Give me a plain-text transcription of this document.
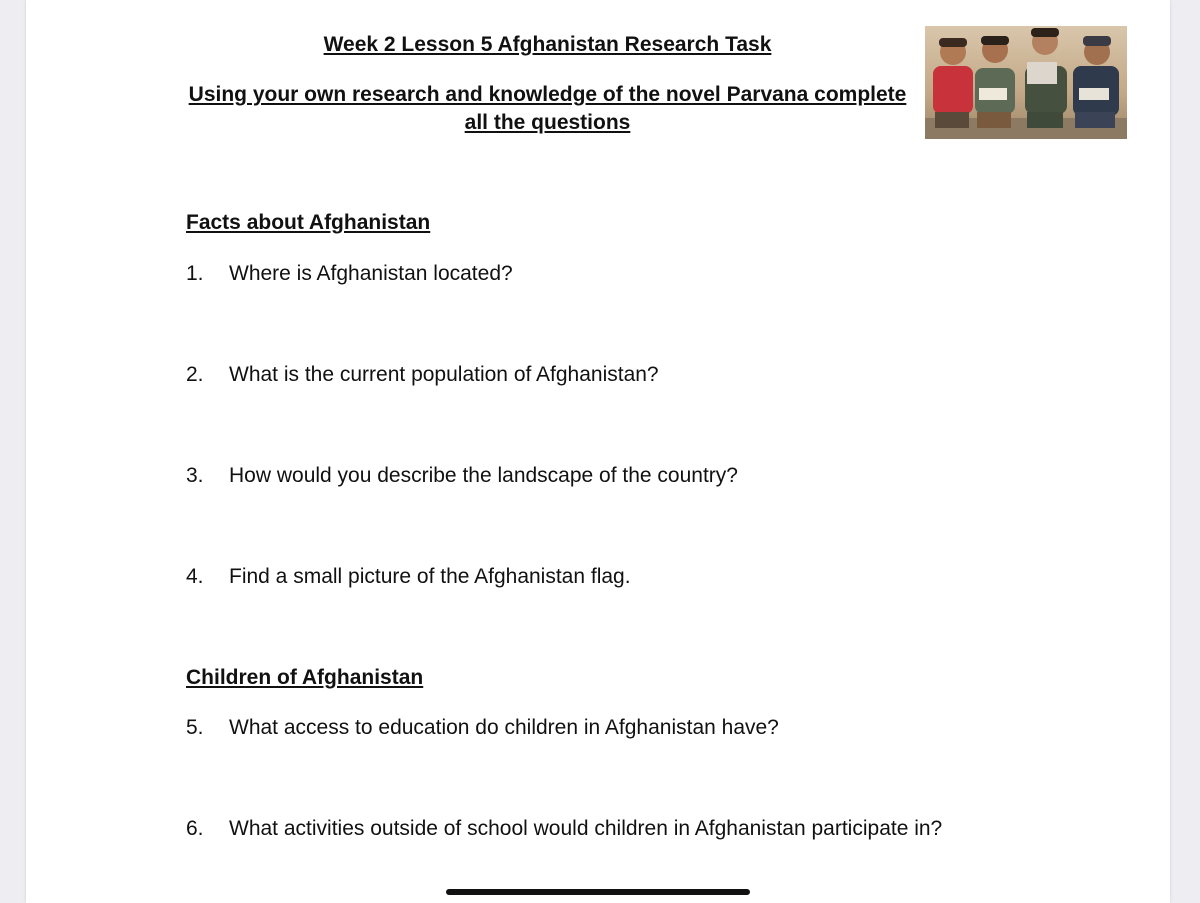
Week 2 Lesson 5 Afghanistan Research Task

Using your own research and knowledge of the novel Parvana complete all the questions

Facts about Afghanistan
1. Where is Afghanistan located?
2. What is the current population of Afghanistan?
3. How would you describe the landscape of the country?
4. Find a small picture of the Afghanistan flag.
Children of Afghanistan
5. What access to education do children in Afghanistan have?
6. What activities outside of school would children in Afghanistan participate in?
